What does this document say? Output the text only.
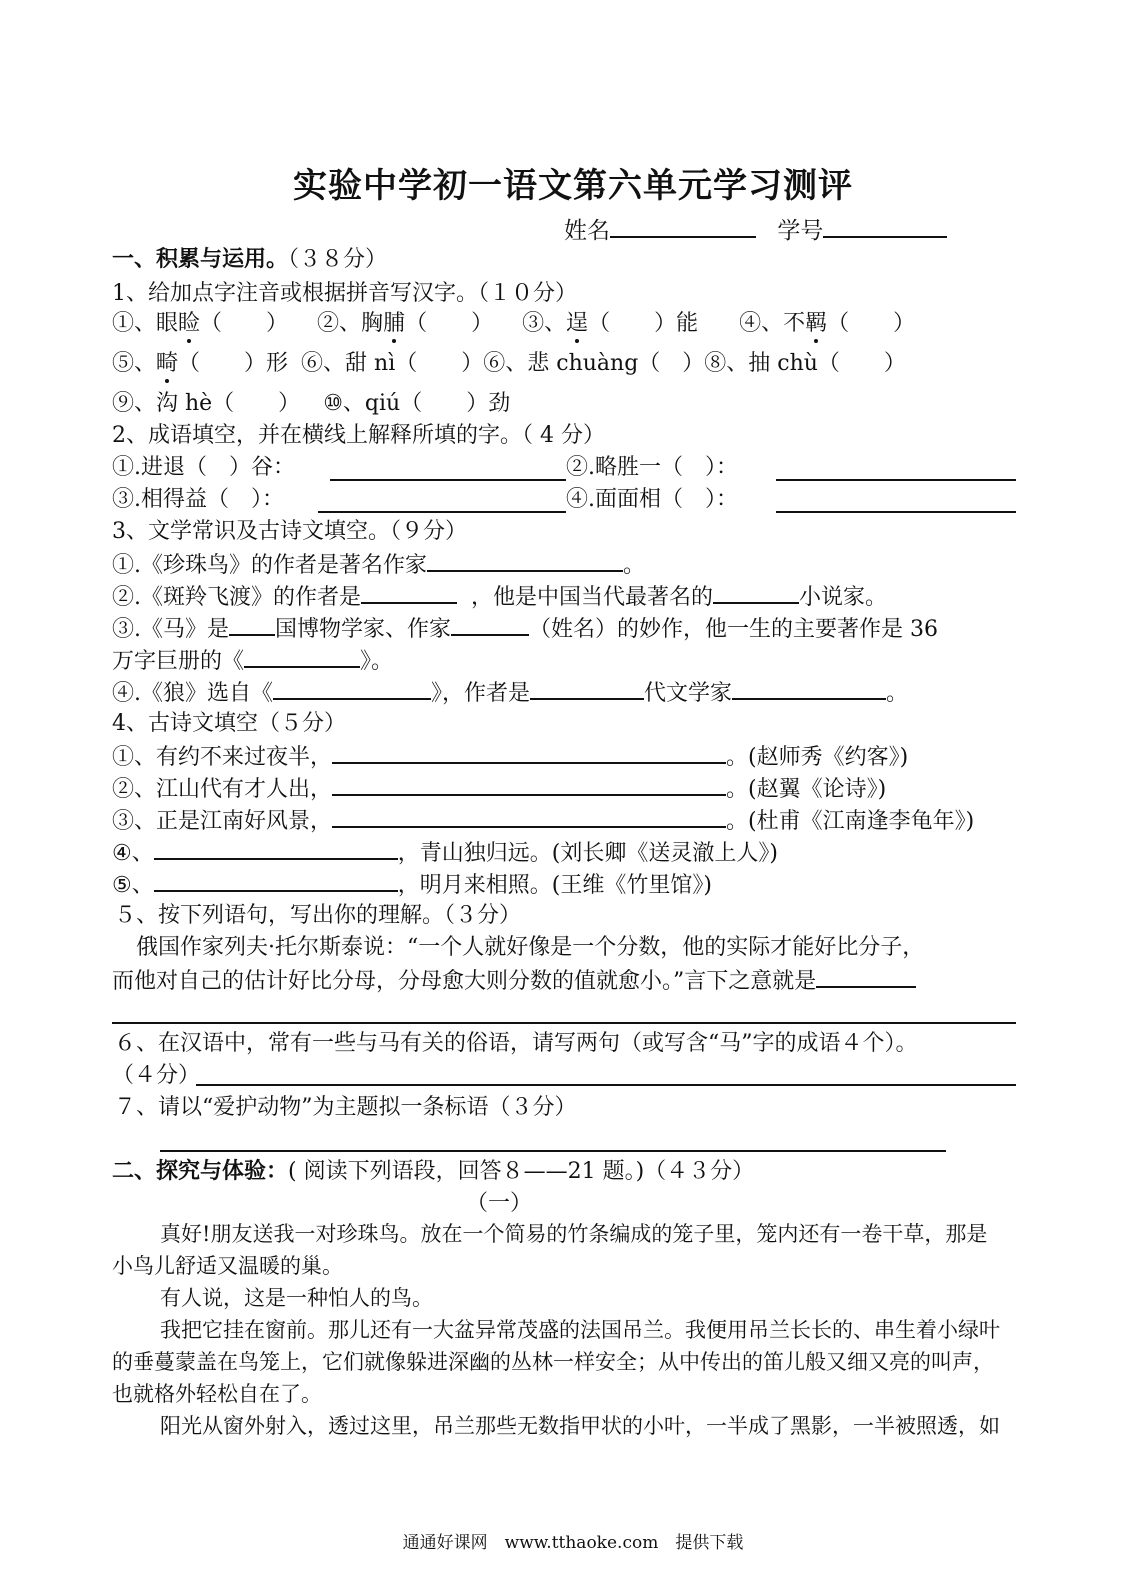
实验中学初一语文第六单元学习测评
姓名	学号
一、积累与运用。（３８分）
1、给加点字注音或根据拼音写汉字。（１０分）
①、眼睑（　　） ②、胸脯（　　） ③、逞（　　）能 ④、不羁（　　）
⑤、畸（　　）形 ⑥、甜 nì（　　）⑥、悲 chuàng（　）⑧、抽 chù（　　）
⑨、沟 hè（　　） ⑩、qiú（　　）劲
2、成语填空，并在横线上解释所填的字。（ 4 分）
①.进退（　）谷：	②.略胜一（　）：
③.相得益（　）：	④.面面相（　）：
3、文学常识及古诗文填空。（９分）
①.《珍珠鸟》的作者是著名作家	。
②.《斑羚飞渡》的作者是	，他是中国当代最著名的	小说家。
③.《马》是 国博物学家、作家	（姓名）的妙作，他一生的主要著作是 36
万字巨册的《	》。
④.《狼》选自《	》，作者是	代文学家	。
4、古诗文填空（５分）
①、有约不来过夜半，	。(赵师秀《约客》)
②、江山代有才人出，	。(赵翼《论诗》)
③、正是江南好风景，	。(杜甫《江南逢李龟年》)
④、	，青山独归远。(刘长卿《送灵澈上人》)
⑤、	，明月来相照。(王维《竹里馆》)
５、按下列语句，写出你的理解。（３分）
俄国作家列夫·托尔斯泰说：“一个人就好像是一个分数，他的实际才能好比分子，
而他对自己的估计好比分母，分母愈大则分数的值就愈小。”言下之意就是
６、在汉语中，常有一些与马有关的俗语，请写两句（或写含“马”字的成语４个）。
（４分）
７、请以“爱护动物”为主题拟一条标语（３分）
二、探究与体验：( 阅读下列语段，回答８——21 题。)（４３分）
（一）
真好!朋友送我一对珍珠鸟。放在一个简易的竹条编成的笼子里，笼内还有一卷干草，那是
小鸟儿舒适又温暖的巢。
有人说，这是一种怕人的鸟。
我把它挂在窗前。那儿还有一大盆异常茂盛的法国吊兰。我便用吊兰长长的、串生着小绿叶
的垂蔓蒙盖在鸟笼上，它们就像躲进深幽的丛林一样安全；从中传出的笛儿般又细又亮的叫声，
也就格外轻松自在了。
阳光从窗外射入，透过这里，吊兰那些无数指甲状的小叶，一半成了黑影，一半被照透，如
通通好课网　www.tthaoke.com　提供下载
